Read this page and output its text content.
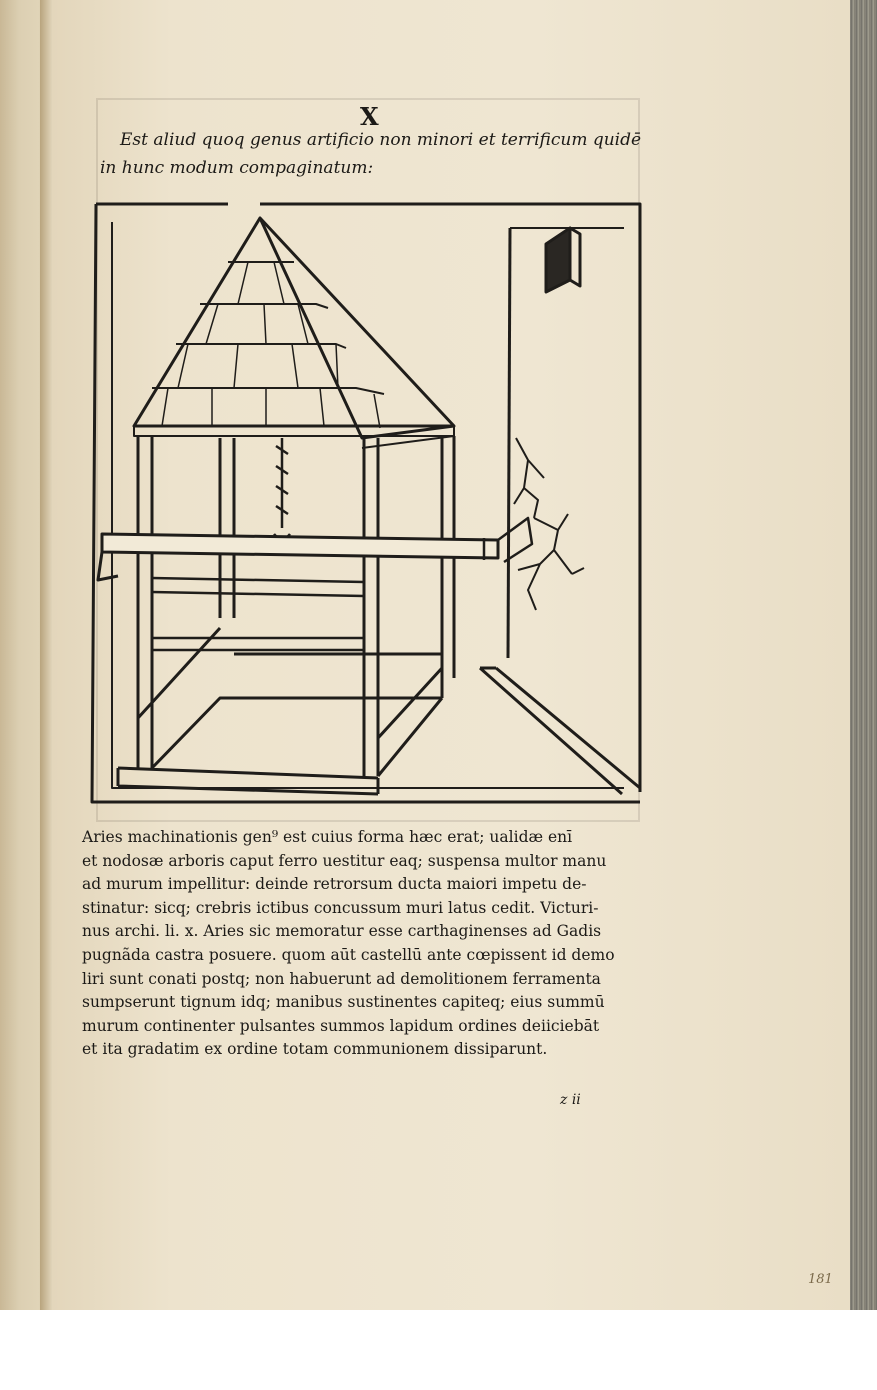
X
Est aliud quoq genus artificio non minori et terrificum quidē
in hunc modum compaginatum:
Aries machinationis gen⁹ est cuius forma hæc erat; ualidæ enī
et nodosæ arboris caput ferro uestitur eaq; suspensa multor manu
ad murum impellitur: deinde retrorsum ducta maiori impetu de-
stinatur: sicq; crebris ictibus concussum muri latus cedit. Victuri-
nus archi. li. x. Aries sic memoratur esse carthaginenses ad Gadis
pugnãda castra posuere. quom aūt castellū ante cœpissent id demo
liri sunt conati postq; non habuerunt ad demolitionem ferramenta
sumpserunt tignum idq; manibus sustinentes capiteq; eius summū
murum continenter pulsantes summos lapidum ordines deiiciebāt
et ita gradatim ex ordine totam communionem dissiparunt.
z ii
181
